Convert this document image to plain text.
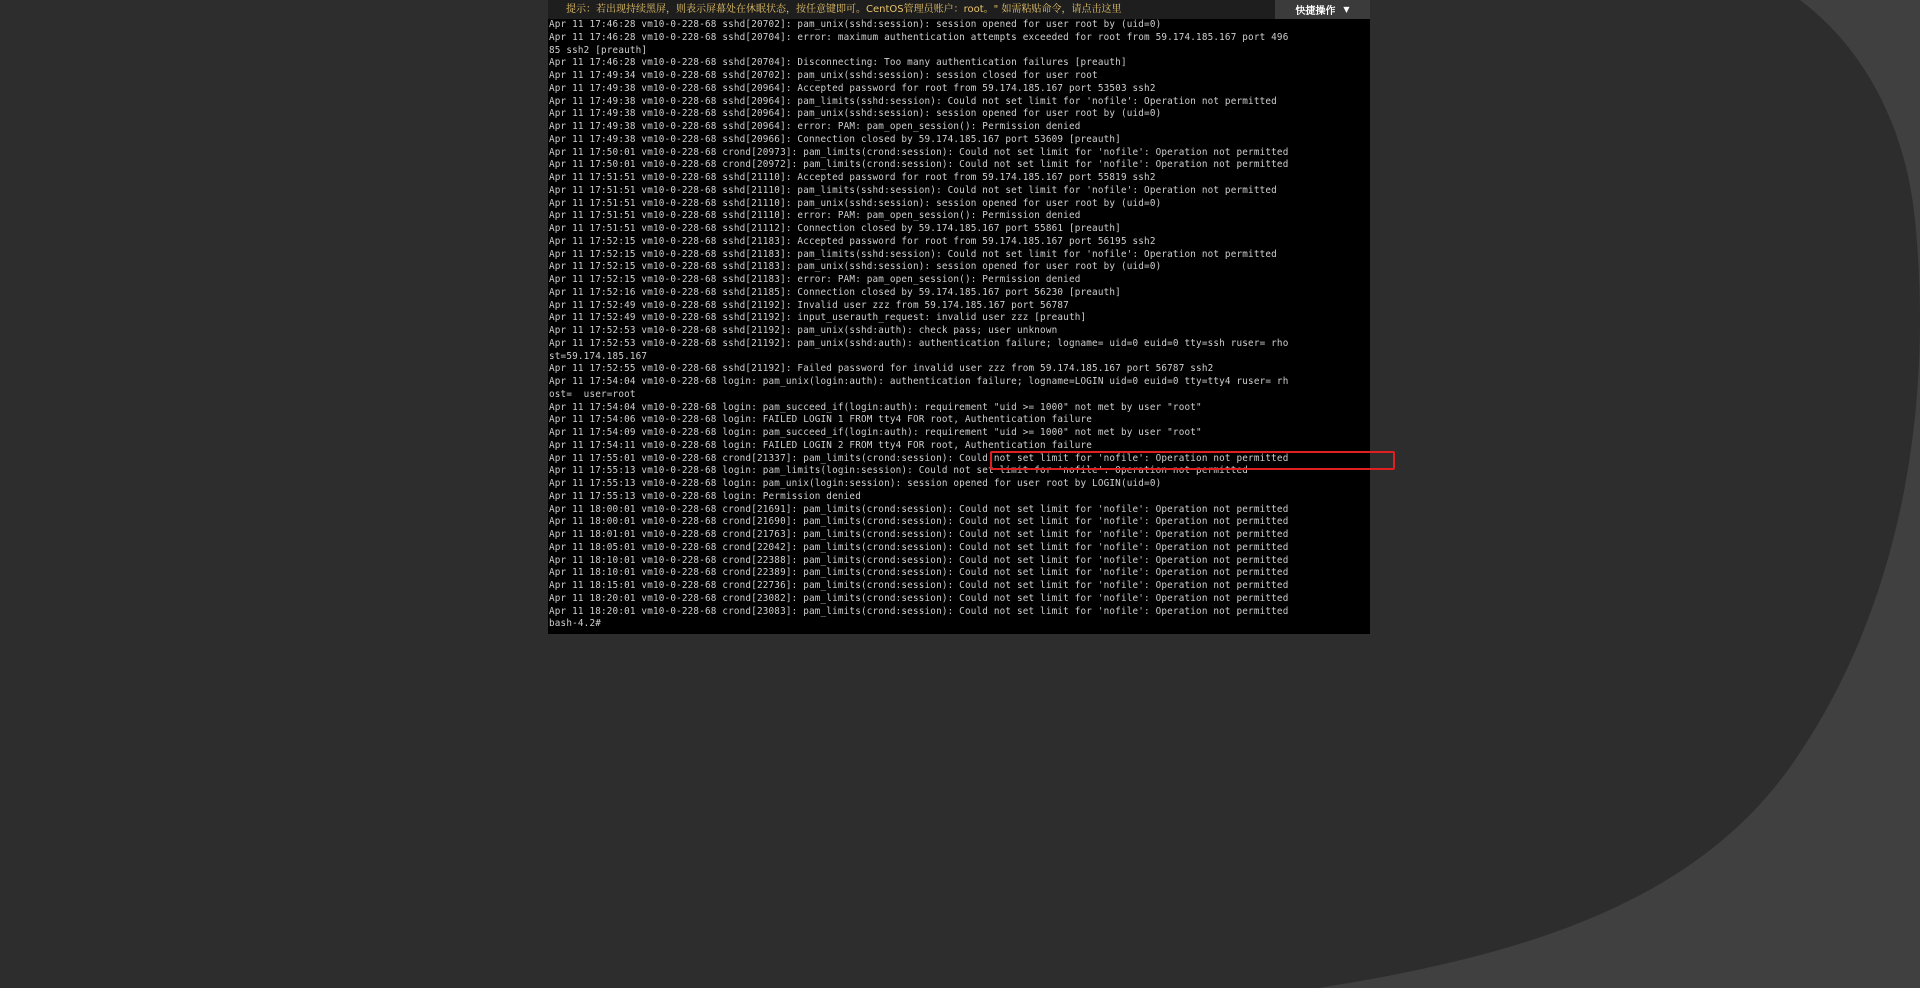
提示：若出现持续黑屏，则表示屏幕处在休眠状态，按任意键即可。CentOS管理员账户：root。" 如需粘贴命令，请点击这里	快捷操作 ▼
Apr 11 17:46:28 vm10-0-228-68 sshd[20702]: pam_unix(sshd:session): session opened for user root by (uid=0)
Apr 11 17:46:28 vm10-0-228-68 sshd[20704]: error: maximum authentication attempts exceeded for root from 59.174.185.167 port 496
85 ssh2 [preauth]
Apr 11 17:46:28 vm10-0-228-68 sshd[20704]: Disconnecting: Too many authentication failures [preauth]
Apr 11 17:49:34 vm10-0-228-68 sshd[20702]: pam_unix(sshd:session): session closed for user root
Apr 11 17:49:38 vm10-0-228-68 sshd[20964]: Accepted password for root from 59.174.185.167 port 53503 ssh2
Apr 11 17:49:38 vm10-0-228-68 sshd[20964]: pam_limits(sshd:session): Could not set limit for 'nofile': Operation not permitted
Apr 11 17:49:38 vm10-0-228-68 sshd[20964]: pam_unix(sshd:session): session opened for user root by (uid=0)
Apr 11 17:49:38 vm10-0-228-68 sshd[20964]: error: PAM: pam_open_session(): Permission denied
Apr 11 17:49:38 vm10-0-228-68 sshd[20966]: Connection closed by 59.174.185.167 port 53609 [preauth]
Apr 11 17:50:01 vm10-0-228-68 crond[20973]: pam_limits(crond:session): Could not set limit for 'nofile': Operation not permitted
Apr 11 17:50:01 vm10-0-228-68 crond[20972]: pam_limits(crond:session): Could not set limit for 'nofile': Operation not permitted
Apr 11 17:51:51 vm10-0-228-68 sshd[21110]: Accepted password for root from 59.174.185.167 port 55819 ssh2
Apr 11 17:51:51 vm10-0-228-68 sshd[21110]: pam_limits(sshd:session): Could not set limit for 'nofile': Operation not permitted
Apr 11 17:51:51 vm10-0-228-68 sshd[21110]: pam_unix(sshd:session): session opened for user root by (uid=0)
Apr 11 17:51:51 vm10-0-228-68 sshd[21110]: error: PAM: pam_open_session(): Permission denied
Apr 11 17:51:51 vm10-0-228-68 sshd[21112]: Connection closed by 59.174.185.167 port 55861 [preauth]
Apr 11 17:52:15 vm10-0-228-68 sshd[21183]: Accepted password for root from 59.174.185.167 port 56195 ssh2
Apr 11 17:52:15 vm10-0-228-68 sshd[21183]: pam_limits(sshd:session): Could not set limit for 'nofile': Operation not permitted
Apr 11 17:52:15 vm10-0-228-68 sshd[21183]: pam_unix(sshd:session): session opened for user root by (uid=0)
Apr 11 17:52:15 vm10-0-228-68 sshd[21183]: error: PAM: pam_open_session(): Permission denied
Apr 11 17:52:16 vm10-0-228-68 sshd[21185]: Connection closed by 59.174.185.167 port 56230 [preauth]
Apr 11 17:52:49 vm10-0-228-68 sshd[21192]: Invalid user zzz from 59.174.185.167 port 56787
Apr 11 17:52:49 vm10-0-228-68 sshd[21192]: input_userauth_request: invalid user zzz [preauth]
Apr 11 17:52:53 vm10-0-228-68 sshd[21192]: pam_unix(sshd:auth): check pass; user unknown
Apr 11 17:52:53 vm10-0-228-68 sshd[21192]: pam_unix(sshd:auth): authentication failure; logname= uid=0 euid=0 tty=ssh ruser= rho
st=59.174.185.167
Apr 11 17:52:55 vm10-0-228-68 sshd[21192]: Failed password for invalid user zzz from 59.174.185.167 port 56787 ssh2
Apr 11 17:54:04 vm10-0-228-68 login: pam_unix(login:auth): authentication failure; logname=LOGIN uid=0 euid=0 tty=tty4 ruser= rh
ost=  user=root
Apr 11 17:54:04 vm10-0-228-68 login: pam_succeed_if(login:auth): requirement "uid >= 1000" not met by user "root"
Apr 11 17:54:06 vm10-0-228-68 login: FAILED LOGIN 1 FROM tty4 FOR root, Authentication failure
Apr 11 17:54:09 vm10-0-228-68 login: pam_succeed_if(login:auth): requirement "uid >= 1000" not met by user "root"
Apr 11 17:54:11 vm10-0-228-68 login: FAILED LOGIN 2 FROM tty4 FOR root, Authentication failure
Apr 11 17:55:01 vm10-0-228-68 crond[21337]: pam_limits(crond:session): Could not set limit for 'nofile': Operation not permitted
Apr 11 17:55:13 vm10-0-228-68 login: pam_limits(login:session): Could not set limit for 'nofile': Operation not permitted
Apr 11 17:55:13 vm10-0-228-68 login: pam_unix(login:session): session opened for user root by LOGIN(uid=0)
Apr 11 17:55:13 vm10-0-228-68 login: Permission denied
Apr 11 18:00:01 vm10-0-228-68 crond[21691]: pam_limits(crond:session): Could not set limit for 'nofile': Operation not permitted
Apr 11 18:00:01 vm10-0-228-68 crond[21690]: pam_limits(crond:session): Could not set limit for 'nofile': Operation not permitted
Apr 11 18:01:01 vm10-0-228-68 crond[21763]: pam_limits(crond:session): Could not set limit for 'nofile': Operation not permitted
Apr 11 18:05:01 vm10-0-228-68 crond[22042]: pam_limits(crond:session): Could not set limit for 'nofile': Operation not permitted
Apr 11 18:10:01 vm10-0-228-68 crond[22388]: pam_limits(crond:session): Could not set limit for 'nofile': Operation not permitted
Apr 11 18:10:01 vm10-0-228-68 crond[22389]: pam_limits(crond:session): Could not set limit for 'nofile': Operation not permitted
Apr 11 18:15:01 vm10-0-228-68 crond[22736]: pam_limits(crond:session): Could not set limit for 'nofile': Operation not permitted
Apr 11 18:20:01 vm10-0-228-68 crond[23082]: pam_limits(crond:session): Could not set limit for 'nofile': Operation not permitted
Apr 11 18:20:01 vm10-0-228-68 crond[23083]: pam_limits(crond:session): Could not set limit for 'nofile': Operation not permitted
bash-4.2#
